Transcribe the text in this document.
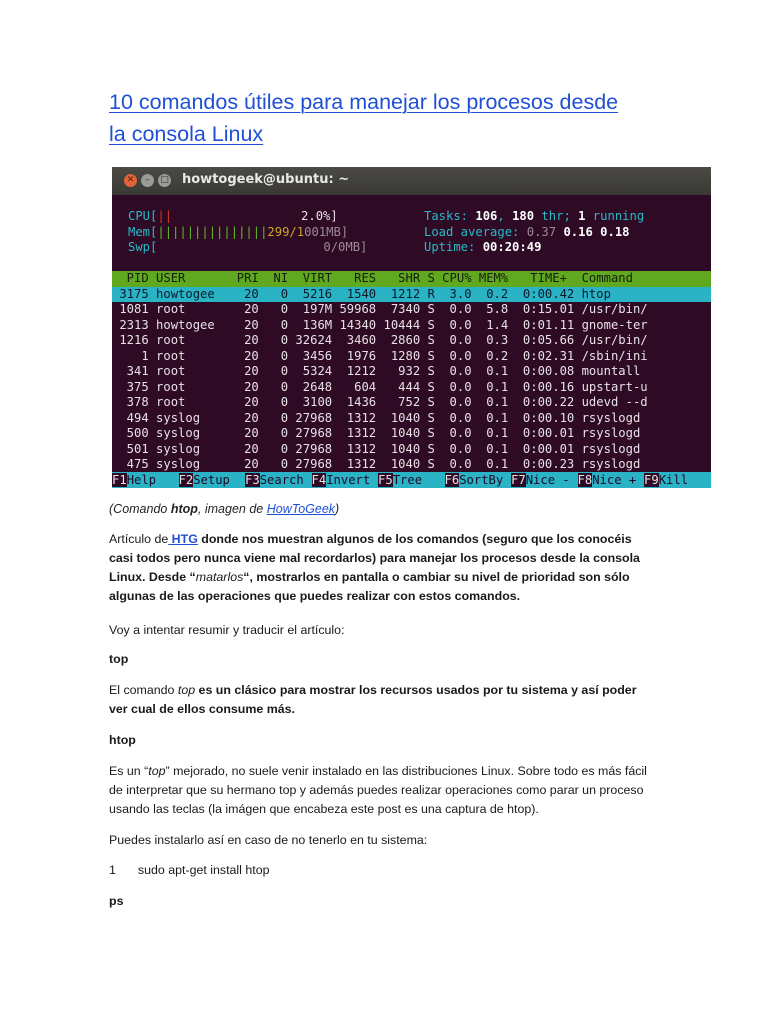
10 comandos útiles para manejar los procesos desde la consola Linux
✕	–	□ howtogeek@ubuntu: ~
CPU[||	2.0%]
Mem[|||||||||||||||299/1001MB]
Swp[	0/0MB]
Tasks: 106, 180 thr; 1 running
Load average: 0.37 0.16 0.18
Uptime: 00:20:49
PID USER       PRI  NI  VIRT   RES   SHR S CPU% MEM%   TIME+  Command
3175 howtogee    20   0  5216  1540  1212 R  3.0  0.2  0:00.42 htop
1081 root        20   0  197M 59968  7340 S  0.0  5.8  0:15.01 /usr/bin/
2313 howtogee    20   0  136M 14340 10444 S  0.0  1.4  0:01.11 gnome-ter
1216 root        20   0 32624  3460  2860 S  0.0  0.3  0:05.66 /usr/bin/
1 root        20   0  3456  1976  1280 S  0.0  0.2  0:02.31 /sbin/ini
341 root        20   0  5324  1212   932 S  0.0  0.1  0:00.08 mountall
375 root        20   0  2648   604   444 S  0.0  0.1  0:00.16 upstart-u
378 root        20   0  3100  1436   752 S  0.0  0.1  0:00.22 udevd --d
494 syslog      20   0 27968  1312  1040 S  0.0  0.1  0:00.10 rsyslogd
500 syslog      20   0 27968  1312  1040 S  0.0  0.1  0:00.01 rsyslogd
501 syslog      20   0 27968  1312  1040 S  0.0  0.1  0:00.01 rsyslogd
475 syslog      20   0 27968  1312  1040 S  0.0  0.1  0:00.23 rsyslogd
F1Help F2Setup F3Search F4Invert F5Tree F6SortBy F7Nice - F8Nice + F9Kill
(Comando htop, imagen de HowToGeek)
Artículo de HTG donde nos muestran algunos de los comandos (seguro que los conocéis casi todos pero nunca viene mal recordarlos) para manejar los procesos desde la consola Linux. Desde “matarlos“, mostrarlos en pantalla o cambiar su nivel de prioridad son sólo algunas de las operaciones que puedes realizar con estos comandos.
Voy a intentar resumir y traducir el artículo:
top
El comando top es un clásico para mostrar los recursos usados por tu sistema y así poder ver cual de ellos consume más.
htop
Es un “top” mejorado, no suele venir instalado en las distribuciones Linux. Sobre todo es más fácil de interpretar que su hermano top y además puedes realizar operaciones como parar un proceso usando las teclas (la imágen que encabeza este post es una captura de htop).
Puedes instalarlo así en caso de no tenerlo en tu sistema:
1 sudo apt-get install htop
ps
